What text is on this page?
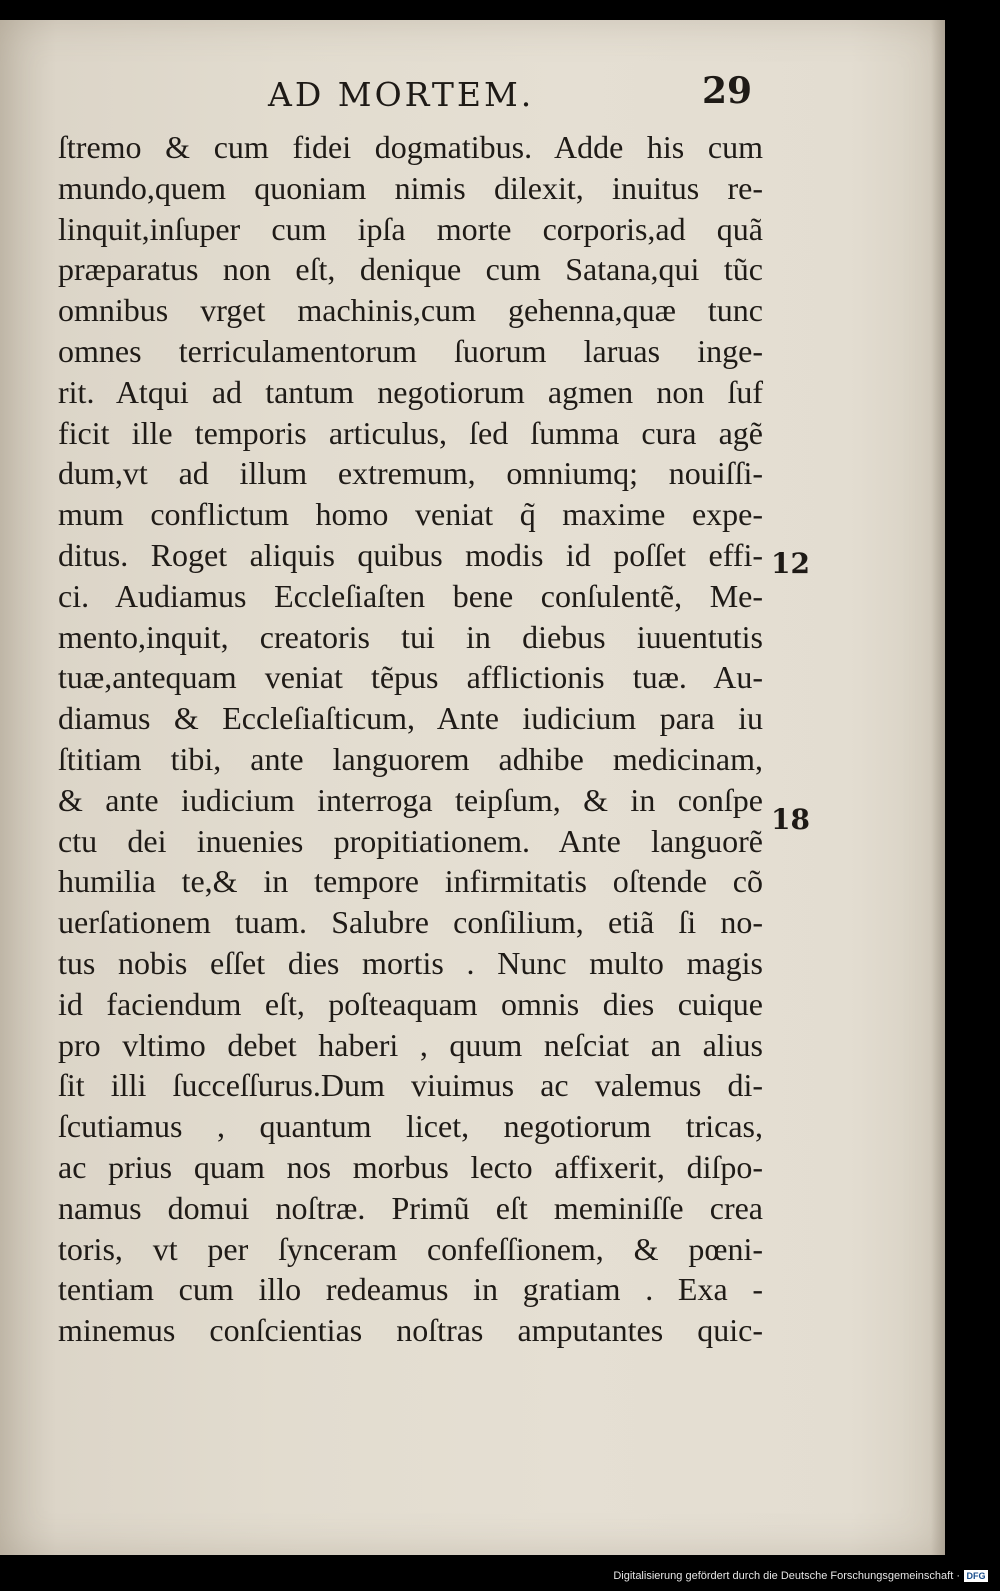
AD MORTEM.	29
ſtremo & cum fidei dogmatibus. Adde his cum
mundo,quem quoniam nimis dilexit, inuitus re-
linquit,inſuper cum ipſa morte corporis,ad quã
præparatus non eſt, denique cum Satana,qui tũc
omnibus vrget machinis,cum gehenna,quæ tunc
omnes terriculamentorum ſuorum laruas inge-
rit. Atqui ad tantum negotiorum agmen non ſuf
ficit ille temporis articulus, ſed ſumma cura agẽ
dum,vt ad illum extremum, omniumq; nouiſſi-
mum conflictum homo veniat q̃ maxime expe-
ditus. Roget aliquis quibus modis id poſſet effi-
ci. Audiamus Eccleſiaſten bene conſulentẽ, Me-
mento,inquit, creatoris tui in diebus iuuentutis
tuæ,antequam veniat tẽpus afflictionis tuæ. Au-
diamus & Eccleſiaſticum, Ante iudicium para iu
ſtitiam tibi, ante languorem adhibe medicinam,
& ante iudicium interroga teipſum, & in conſpe
ctu dei inuenies propitiationem. Ante languorẽ
humilia te,& in tempore infirmitatis oſtende cõ
uerſationem tuam. Salubre conſilium, etiã ſi no-
tus nobis eſſet dies mortis . Nunc multo magis
id faciendum eſt, poſteaquam omnis dies cuique
pro vltimo debet haberi , quum neſciat an alius
ſit illi ſucceſſurus.Dum viuimus ac valemus di-
ſcutiamus , quantum licet, negotiorum tricas,
ac prius quam nos morbus lecto affixerit, diſpo-
namus domui noſtræ. Primũ eſt meminiſſe crea
toris, vt per ſynceram confeſſionem, & pœni-
tentiam cum illo redeamus in gratiam . Exa -
minemus conſcientias noſtras amputantes quic-
12
18
Digitalisierung gefördert durch die Deutsche Forschungsgemeinschaft · DFG
